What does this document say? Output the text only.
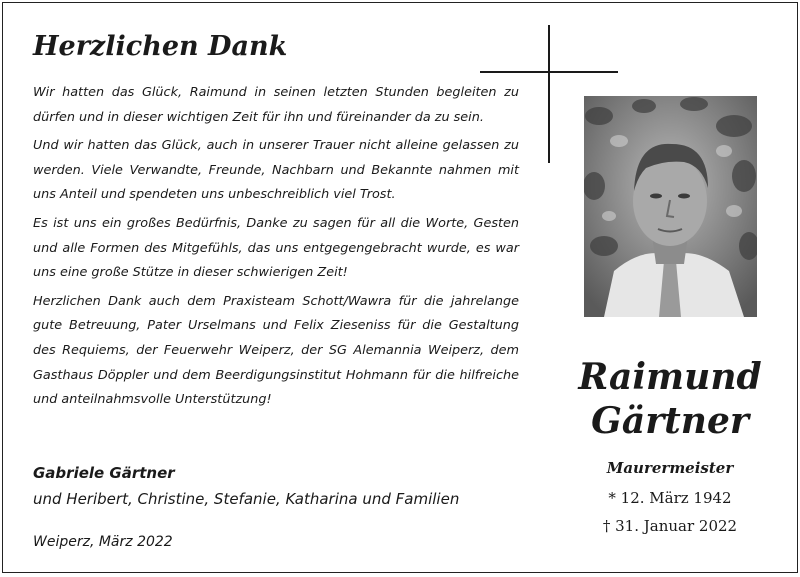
Herzlichen Dank

Wir hatten das Glück, Raimund in seinen letzten Stunden begleiten zu dürfen und in dieser wichtigen Zeit für ihn und füreinander da zu sein.

Und wir hatten das Glück, auch in unserer Trauer nicht alleine gelassen zu werden. Viele Verwandte, Freunde, Nachbarn und Bekannte nahmen mit uns Anteil und spendeten uns unbeschreiblich viel Trost.

Es ist uns ein großes Bedürfnis, Danke zu sagen für all die Worte, Gesten und alle Formen des Mitgefühls, das uns entgegengebracht wurde, es war uns eine große Stütze in dieser schwierigen Zeit!

Herzlichen Dank auch dem Praxisteam Schott/Wawra für die jahrelange gute Betreuung, Pater Urselmans und Felix Zieseniss für die Gestaltung des Requiems, der Feuerwehr Weiperz, der SG Alemannia Weiperz, dem Gasthaus Döppler und dem Beerdigungsinstitut Hohmann für die hilfreiche und anteilnahmsvolle Unterstützung!

Gabriele Gärtner
und Heribert, Christine, Stefanie, Katharina und Familien
Weiperz, März 2022
Raimund
Gärtner
Maurermeister
* 12. März 1942
† 31. Januar 2022
